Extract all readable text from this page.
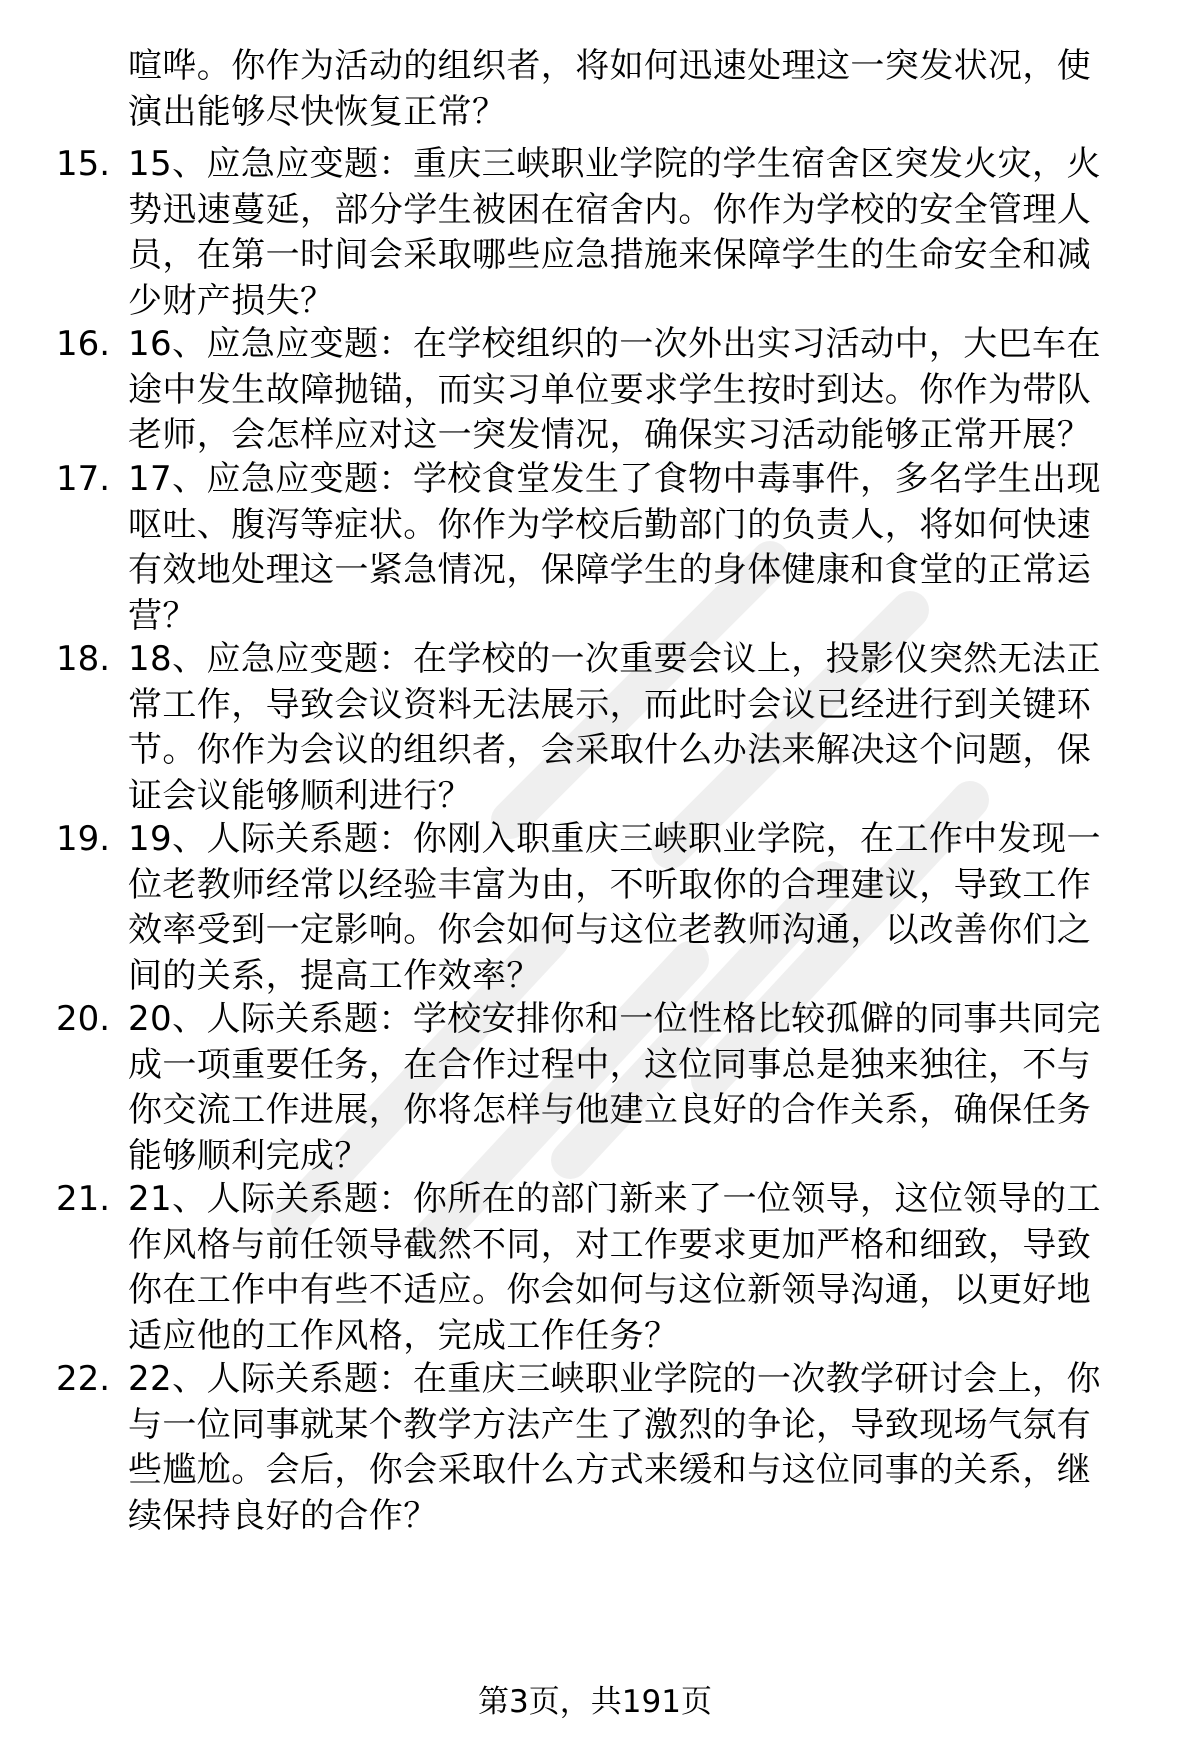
喧哗。你作为活动的组织者，将如何迅速处理这一突发状况，使
演出能够尽快恢复正常？
15. 15、应急应变题：重庆三峡职业学院的学生宿舍区突发火灾，火
势迅速蔓延，部分学生被困在宿舍内。你作为学校的安全管理人
员，在第一时间会采取哪些应急措施来保障学生的生命安全和减
少财产损失？
16. 16、应急应变题：在学校组织的一次外出实习活动中，大巴车在
途中发生故障抛锚，而实习单位要求学生按时到达。你作为带队
老师，会怎样应对这一突发情况，确保实习活动能够正常开展？
17. 17、应急应变题：学校食堂发生了食物中毒事件，多名学生出现
呕吐、腹泻等症状。你作为学校后勤部门的负责人，将如何快速
有效地处理这一紧急情况，保障学生的身体健康和食堂的正常运
营？
18. 18、应急应变题：在学校的一次重要会议上，投影仪突然无法正
常工作，导致会议资料无法展示，而此时会议已经进行到关键环
节。你作为会议的组织者，会采取什么办法来解决这个问题，保
证会议能够顺利进行？
19. 19、人际关系题：你刚入职重庆三峡职业学院，在工作中发现一
位老教师经常以经验丰富为由，不听取你的合理建议，导致工作
效率受到一定影响。你会如何与这位老教师沟通，以改善你们之
间的关系，提高工作效率？
20. 20、人际关系题：学校安排你和一位性格比较孤僻的同事共同完
成一项重要任务，在合作过程中，这位同事总是独来独往，不与
你交流工作进展，你将怎样与他建立良好的合作关系，确保任务
能够顺利完成？
21. 21、人际关系题：你所在的部门新来了一位领导，这位领导的工
作风格与前任领导截然不同，对工作要求更加严格和细致，导致
你在工作中有些不适应。你会如何与这位新领导沟通，以更好地
适应他的工作风格，完成工作任务？
22. 22、人际关系题：在重庆三峡职业学院的一次教学研讨会上，你
与一位同事就某个教学方法产生了激烈的争论，导致现场气氛有
些尴尬。会后，你会采取什么方式来缓和与这位同事的关系，继
续保持良好的合作？
第3页，共191页
